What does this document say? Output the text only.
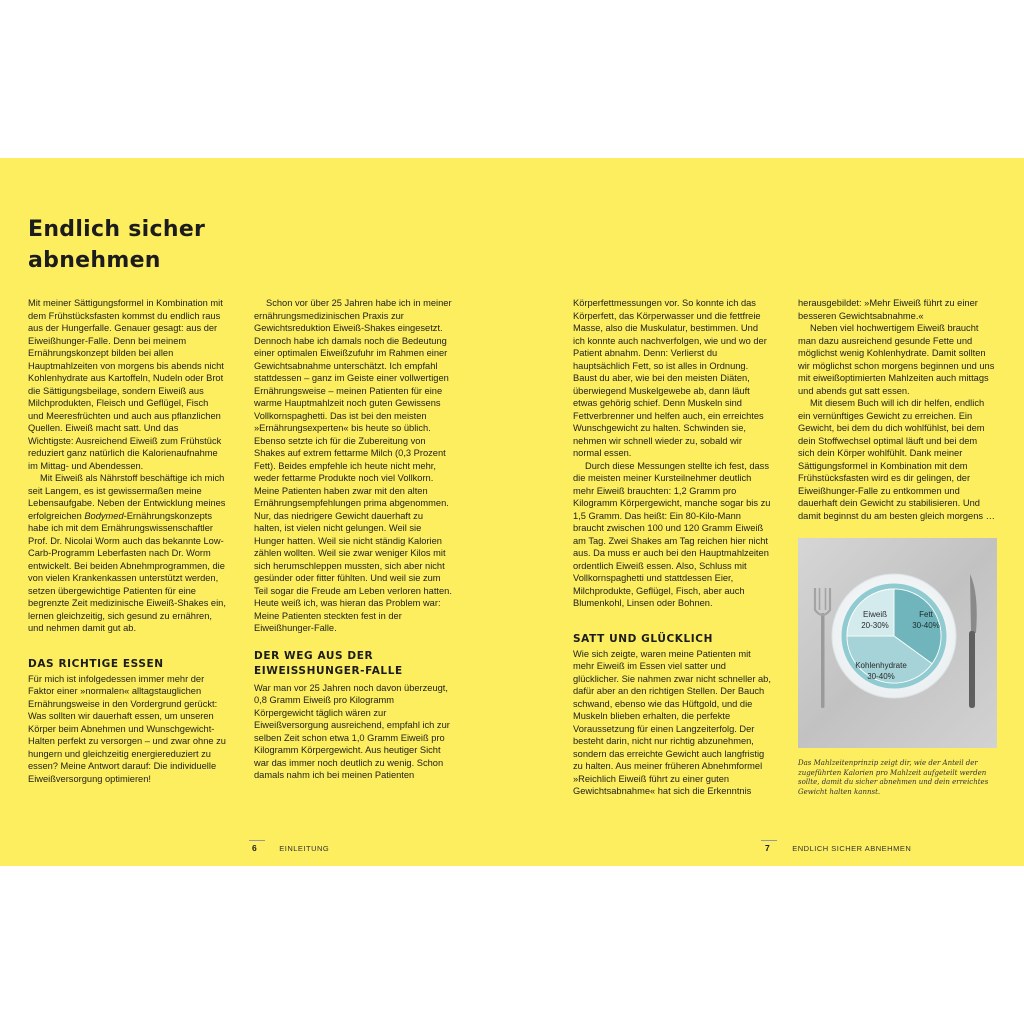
Endlich sicher abnehmen

Mit meiner Sättigungsformel in Kombination mit dem Frühstücksfasten kommst du endlich raus aus der Hungerfalle. Genauer gesagt: aus der Eiweißhunger-Falle. Denn bei meinem Ernährungskonzept bilden bei allen Hauptmahlzeiten von morgens bis abends nicht Kohlenhydrate aus Kartoffeln, Nudeln oder Brot die Sättigungsbeilage, sondern Eiweiß aus Milchprodukten, Fleisch und Geflügel, Fisch und Meeresfrüchten und auch aus pflanzlichen Quellen. Eiweiß macht satt. Und das Wichtigste: Ausreichend Eiweiß zum Frühstück reduziert ganz natürlich die Kalorienaufnahme im Mittag- und Abendessen.

Mit Eiweiß als Nährstoff beschäftige ich mich seit Langem, es ist gewissermaßen meine Lebensaufgabe. Neben der Entwicklung meines erfolgreichen Bodymed-Ernährungskonzepts habe ich mit dem Ernährungswissenschaftler Prof. Dr. Nicolai Worm auch das bekannte Low-Carb-Programm Leberfasten nach Dr. Worm entwickelt. Bei beiden Abnehmprogrammen, die von vielen Krankenkassen unterstützt werden, setzen übergewichtige Patienten für eine begrenzte Zeit medizinische Eiweiß-Shakes ein, lernen gleichzeitig, sich gesund zu ernähren, und nehmen damit gut ab.

DAS RICHTIGE ESSEN

Für mich ist infolgedessen immer mehr der Faktor einer »normalen« alltagstauglichen Ernährungsweise in den Vordergrund gerückt: Was sollten wir dauerhaft essen, um unseren Körper beim Abnehmen und Wunschgewicht-Halten perfekt zu versorgen – und zwar ohne zu hungern und gleichzeitig energiereduziert zu essen? Meine Antwort darauf: Die individuelle Eiweißversorgung optimieren!

Schon vor über 25 Jahren habe ich in meiner ernährungsmedizinischen Praxis zur Gewichtsreduktion Eiweiß-Shakes eingesetzt. Dennoch habe ich damals noch die Bedeutung einer optimalen Eiweißzufuhr im Rahmen einer Gewichtsabnahme unterschätzt. Ich empfahl stattdessen – ganz im Geiste einer vollwertigen Ernährungsweise – meinen Patienten für eine warme Hauptmahlzeit noch guten Gewissens Vollkornspaghetti. Das ist bei den meisten »Ernährungsexperten« bis heute so üblich. Ebenso setzte ich für die Zubereitung von Shakes auf extrem fettarme Milch (0,3 Prozent Fett). Beides empfehle ich heute nicht mehr, weder fettarme Produkte noch viel Vollkorn. Meine Patienten haben zwar mit den alten Ernährungsempfehlungen prima abgenommen. Nur, das niedrigere Gewicht dauerhaft zu halten, ist vielen nicht gelungen. Weil sie Hunger hatten. Weil sie nicht ständig Kalorien zählen wollten. Weil sie zwar weniger Kilos mit sich herumschleppen mussten, sich aber nicht gesünder oder fitter fühlten. Und weil sie zum Teil sogar die Freude am Leben verloren hatten. Heute weiß ich, was hieran das Problem war: Meine Patienten steckten fest in der Eiweißhunger-Falle.

DER WEG AUS DER EIWEISSHUNGER-FALLE

War man vor 25 Jahren noch davon überzeugt, 0,8 Gramm Eiweiß pro Kilogramm Körpergewicht täglich wären zur Eiweißversorgung ausreichend, empfahl ich zur selben Zeit schon etwa 1,0 Gramm Eiweiß pro Kilogramm Körpergewicht. Aus heutiger Sicht war das immer noch deutlich zu wenig. Schon damals nahm ich bei meinen Patienten

Körperfettmessungen vor. So konnte ich das Körperfett, das Körperwasser und die fettfreie Masse, also die Muskulatur, bestimmen. Und ich konnte auch nachverfolgen, wie und wo der Patient abnahm. Denn: Verlierst du hauptsächlich Fett, so ist alles in Ordnung. Baust du aber, wie bei den meisten Diäten, überwiegend Muskelgewebe ab, dann läuft etwas gehörig schief. Denn Muskeln sind Fettverbrenner und helfen auch, ein erreichtes Wunschgewicht zu halten. Schwinden sie, nehmen wir schnell wieder zu, sobald wir normal essen.

Durch diese Messungen stellte ich fest, dass die meisten meiner Kursteilnehmer deutlich mehr Eiweiß brauchten: 1,2 Gramm pro Kilogramm Körpergewicht, manche sogar bis zu 1,5 Gramm. Das heißt: Ein 80-Kilo-Mann braucht zwischen 100 und 120 Gramm Eiweiß am Tag. Zwei Shakes am Tag reichen hier nicht aus. Da muss er auch bei den Hauptmahlzeiten ordentlich Eiweiß essen. Also, Schluss mit Vollkornspaghetti und stattdessen Eier, Milchprodukte, Geflügel, Fisch, aber auch Blumenkohl, Linsen oder Bohnen.

SATT UND GLÜCKLICH

Wie sich zeigte, waren meine Patienten mit mehr Eiweiß im Essen viel satter und glücklicher. Sie nahmen zwar nicht schneller ab, dafür aber an den richtigen Stellen. Der Bauch schwand, ebenso wie das Hüftgold, und die Muskeln blieben erhalten, die perfekte Voraussetzung für einen Langzeiterfolg. Der besteht darin, nicht nur richtig abzunehmen, sondern das erreichte Gewicht auch langfristig zu halten. Aus meiner früheren Abnehmformel »Reichlich Eiweiß führt zu einer guten Gewichtsabnahme« hat sich die Erkenntnis

herausgebildet: »Mehr Eiweiß führt zu einer besseren Gewichtsabnahme.«

Neben viel hochwertigem Eiweiß braucht man dazu ausreichend gesunde Fette und möglichst wenig Kohlenhydrate. Damit sollten wir möglichst schon morgens beginnen und uns mit eiweißoptimierten Mahlzeiten auch mittags und abends gut satt essen.

Mit diesem Buch will ich dir helfen, endlich ein vernünftiges Gewicht zu erreichen. Ein Gewicht, bei dem du dich wohlfühlst, bei dem dein Stoffwechsel optimal läuft und bei dem sich dein Körper wohlfühlt. Dank meiner Sättigungsformel in Kombination mit dem Frühstücksfasten wird es dir gelingen, der Eiweißhunger-Falle zu entkommen und dauerhaft dein Gewicht zu stabilisieren. Und damit beginnst du am besten gleich morgens …

Eiweiß
20-30%
Fett
30-40%
Kohlenhydrate
30-40%

Das Mahlzeitenprinzip zeigt dir, wie der Anteil der zugeführten Kalorien pro Mahlzeit aufgeteilt werden sollte, damit du sicher abnehmen und dein erreichtes Gewicht halten kannst.

6	EINLEITUNG	7	ENDLICH SICHER ABNEHMEN
